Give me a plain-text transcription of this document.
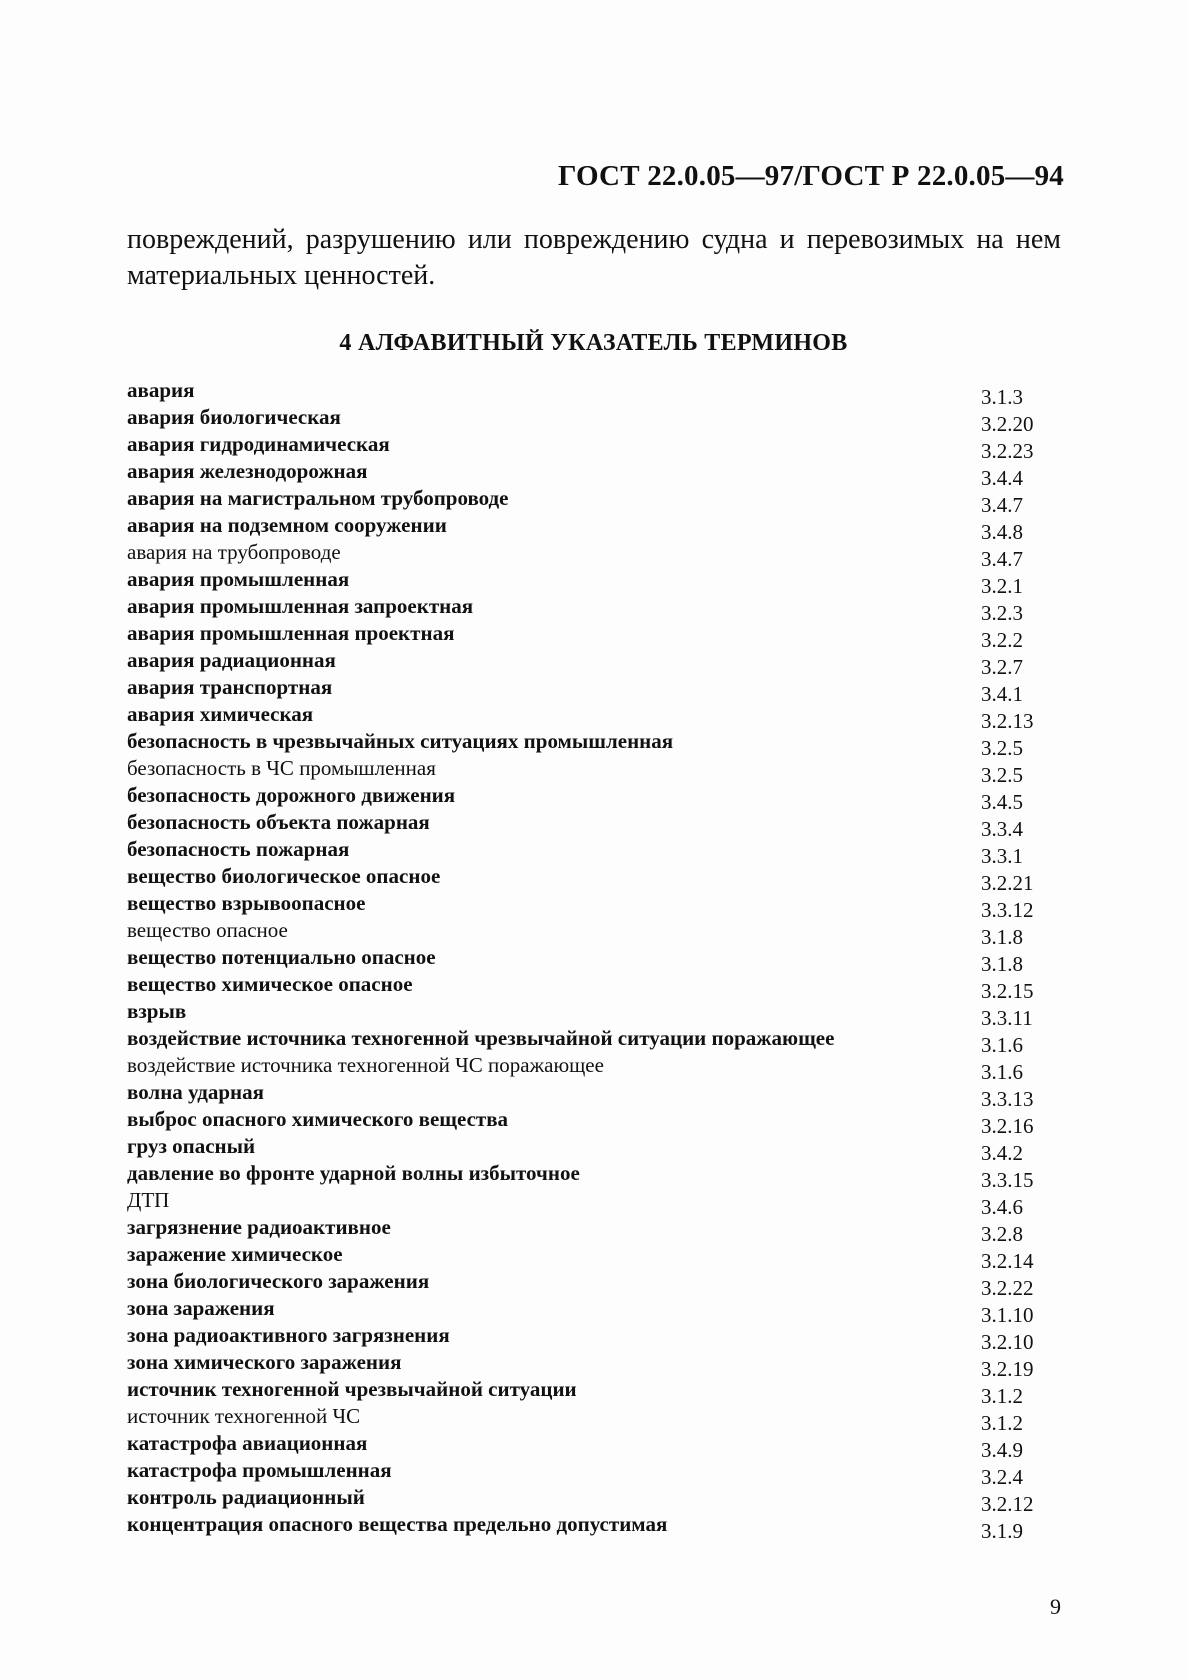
ГОСТ 22.0.05—97/ГОСТ Р 22.0.05—94
повреждений, разрушению или повреждению судна и перевозимых на нем материальных ценностей.
4 АЛФАВИТНЫЙ УКАЗАТЕЛЬ ТЕРМИНОВ
авария	3.1.3
авария биологическая	3.2.20
авария гидродинамическая	3.2.23
авария железнодорожная	3.4.4
авария на магистральном трубопроводе	3.4.7
авария на подземном сооружении	3.4.8
авария на трубопроводе	3.4.7
авария промышленная	3.2.1
авария промышленная запроектная	3.2.3
авария промышленная проектная	3.2.2
авария радиационная	3.2.7
авария транспортная	3.4.1
авария химическая	3.2.13
безопасность в чрезвычайных ситуациях промышленная	3.2.5
безопасность в ЧС промышленная	3.2.5
безопасность дорожного движения	3.4.5
безопасность объекта пожарная	3.3.4
безопасность пожарная	3.3.1
вещество биологическое опасное	3.2.21
вещество взрывоопасное	3.3.12
вещество опасное	3.1.8
вещество потенциально опасное	3.1.8
вещество химическое опасное	3.2.15
взрыв	3.3.11
воздействие источника техногенной чрезвычайной ситуации поражающее	3.1.6
воздействие источника техногенной ЧС поражающее	3.1.6
волна ударная	3.3.13
выброс опасного химического вещества	3.2.16
груз опасный	3.4.2
давление во фронте ударной волны избыточное	3.3.15
ДТП	3.4.6
загрязнение радиоактивное	3.2.8
заражение химическое	3.2.14
зона биологического заражения	3.2.22
зона заражения	3.1.10
зона радиоактивного загрязнения	3.2.10
зона химического заражения	3.2.19
источник техногенной чрезвычайной ситуации	3.1.2
источник техногенной ЧС	3.1.2
катастрофа авиационная	3.4.9
катастрофа промышленная	3.2.4
контроль радиационный	3.2.12
концентрация опасного вещества предельно допустимая	3.1.9
9
